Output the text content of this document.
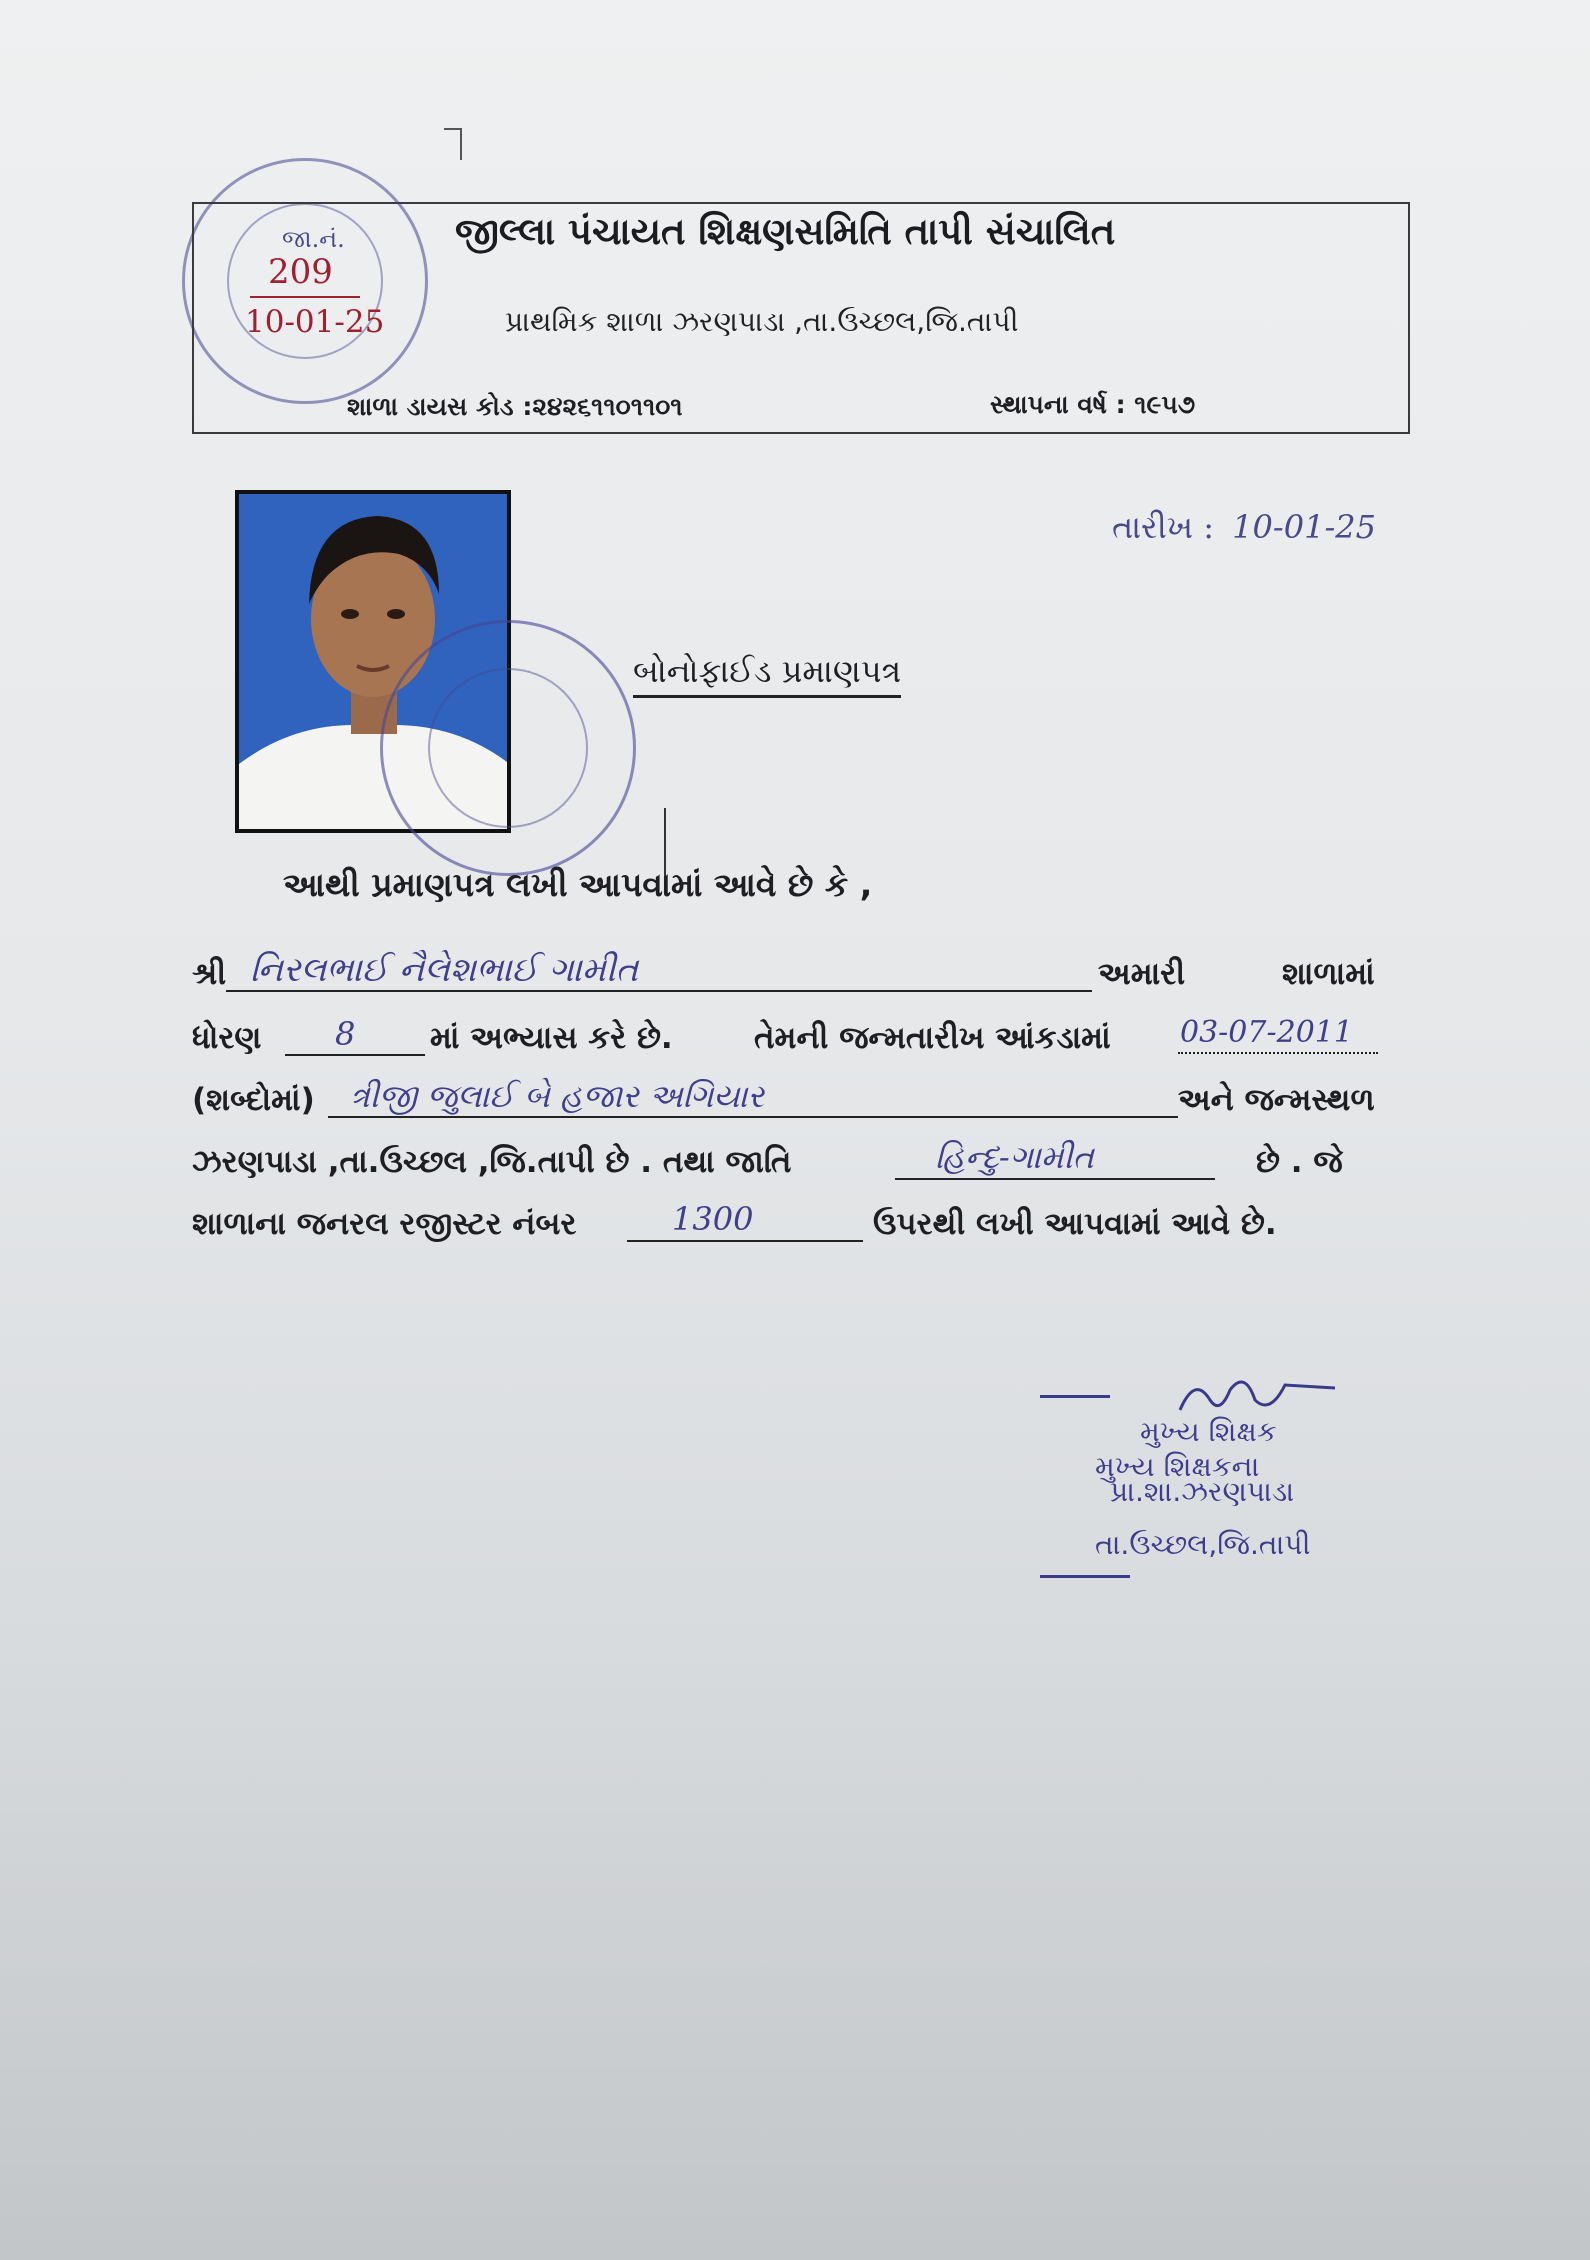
જા.નં.
209
10-01-25
જીલ્લા પંચાયત શિક્ષણસમિતિ તાપી સંચાલિત
પ્રાથમિક શાળા ઝરણપાડા ,તા.ઉચ્છલ,જિ.તાપી
શાળા ડાયસ કોડ :૨૪૨૬૧૧૦૧૧૦૧	સ્થાપના વર્ષ : ૧૯૫૭
તારીખ : 10-01-25
બોનોફાઈડ પ્રમાણપત્ર
આથી પ્રમાણપત્ર લખી આપવામાં આવે છે કે ,
શ્રી નિરલભાઈ નૈલેશભાઈ ગામીત	અમારી	શાળામાં
ધોરણ 8 માં અભ્યાસ કરે છે.	તેમની જન્મતારીખ આંકડામાં 03-07-2011
(શબ્દોમાં) ત્રીજી જુલાઈ બે હજાર અગિયાર	અને જન્મસ્થળ
ઝરણપાડા ,તા.ઉચ્છલ ,જિ.તાપી છે . તથા જાતિ	હિન્દુ-ગામીત	છે . જે
શાળાના જનરલ રજીસ્ટર નંબર	1300	ઉપરથી લખી આપવામાં આવે છે.
મુખ્ય શિક્ષક
મુખ્ય શિક્ષકના
પ્રા.શા.ઝરણપાડા
તા.ઉચ્છલ,જિ.તાપી
